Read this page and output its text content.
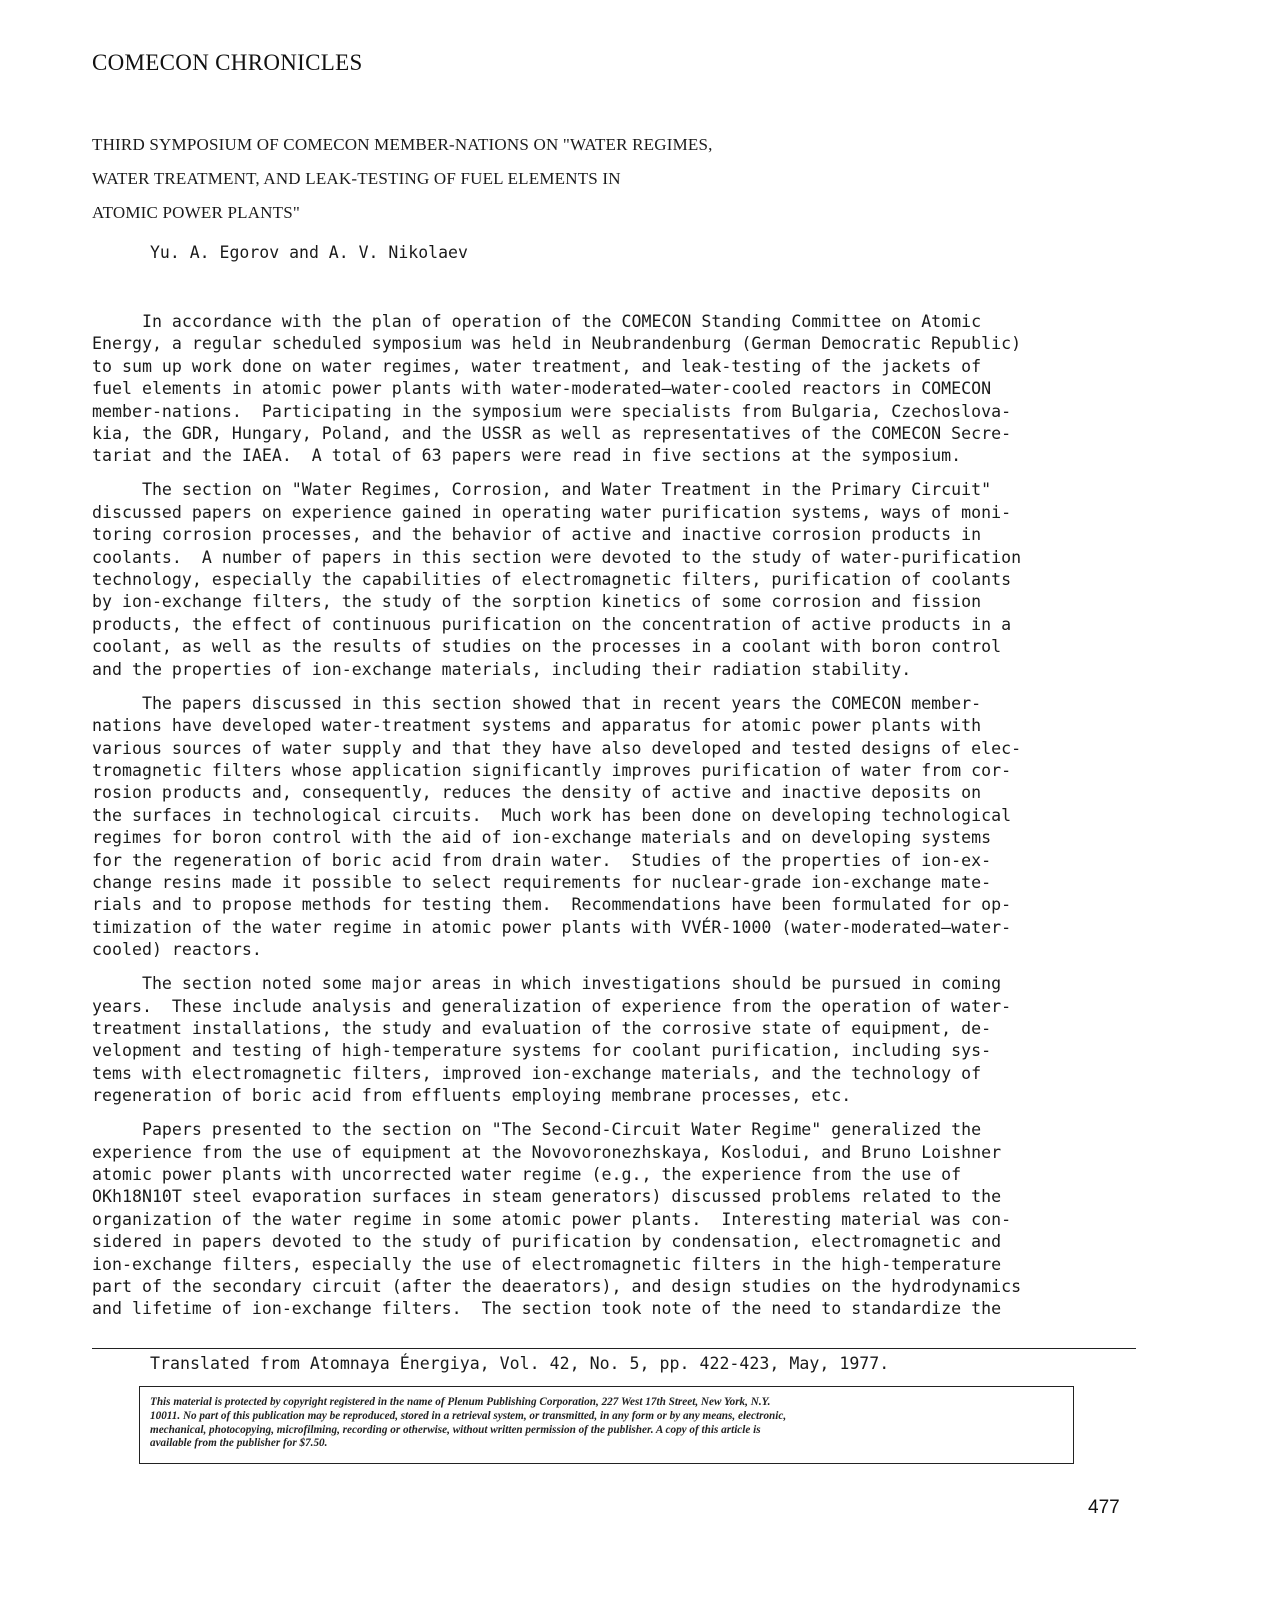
COMECON CHRONICLES
THIRD SYMPOSIUM OF COMECON MEMBER-NATIONS ON "WATER REGIMES,
WATER TREATMENT, AND LEAK-TESTING OF FUEL ELEMENTS IN
ATOMIC POWER PLANTS"
Yu. A. Egorov and A. V. Nikolaev

In accordance with the plan of operation of the COMECON Standing Committee on Atomic
Energy, a regular scheduled symposium was held in Neubrandenburg (German Democratic Republic)
to sum up work done on water regimes, water treatment, and leak-testing of the jackets of
fuel elements in atomic power plants with water-moderated—water-cooled reactors in COMECON
member-nations.  Participating in the symposium were specialists from Bulgaria, Czechoslova-
kia, the GDR, Hungary, Poland, and the USSR as well as representatives of the COMECON Secre-
tariat and the IAEA.  A total of 63 papers were read in five sections at the symposium.

The section on "Water Regimes, Corrosion, and Water Treatment in the Primary Circuit"
discussed papers on experience gained in operating water purification systems, ways of moni-
toring corrosion processes, and the behavior of active and inactive corrosion products in
coolants.  A number of papers in this section were devoted to the study of water-purification
technology, especially the capabilities of electromagnetic filters, purification of coolants
by ion-exchange filters, the study of the sorption kinetics of some corrosion and fission
products, the effect of continuous purification on the concentration of active products in a
coolant, as well as the results of studies on the processes in a coolant with boron control
and the properties of ion-exchange materials, including their radiation stability.

The papers discussed in this section showed that in recent years the COMECON member-
nations have developed water-treatment systems and apparatus for atomic power plants with
various sources of water supply and that they have also developed and tested designs of elec-
tromagnetic filters whose application significantly improves purification of water from cor-
rosion products and, consequently, reduces the density of active and inactive deposits on
the surfaces in technological circuits.  Much work has been done on developing technological
regimes for boron control with the aid of ion-exchange materials and on developing systems
for the regeneration of boric acid from drain water.  Studies of the properties of ion-ex-
change resins made it possible to select requirements for nuclear-grade ion-exchange mate-
rials and to propose methods for testing them.  Recommendations have been formulated for op-
timization of the water regime in atomic power plants with VVÉR-1000 (water-moderated—water-
cooled) reactors.

The section noted some major areas in which investigations should be pursued in coming
years.  These include analysis and generalization of experience from the operation of water-
treatment installations, the study and evaluation of the corrosive state of equipment, de-
velopment and testing of high-temperature systems for coolant purification, including sys-
tems with electromagnetic filters, improved ion-exchange materials, and the technology of
regeneration of boric acid from effluents employing membrane processes, etc.

Papers presented to the section on "The Second-Circuit Water Regime" generalized the
experience from the use of equipment at the Novovoronezhskaya, Koslodui, and Bruno Loishner
atomic power plants with uncorrected water regime (e.g., the experience from the use of
OKh18N10T steel evaporation surfaces in steam generators) discussed problems related to the
organization of the water regime in some atomic power plants.  Interesting material was con-
sidered in papers devoted to the study of purification by condensation, electromagnetic and
ion-exchange filters, especially the use of electromagnetic filters in the high-temperature
part of the secondary circuit (after the deaerators), and design studies on the hydrodynamics
and lifetime of ion-exchange filters.  The section took note of the need to standardize the

Translated from Atomnaya Énergiya, Vol. 42, No. 5, pp. 422-423, May, 1977.
This material is protected by copyright registered in the name of Plenum Publishing Corporation, 227 West 17th Street, New York, N.Y.
10011. No part of this publication may be reproduced, stored in a retrieval system, or transmitted, in any form or by any means, electronic,
mechanical, photocopying, microfilming, recording or otherwise, without written permission of the publisher. A copy of this article is
available from the publisher for $7.50.
477
